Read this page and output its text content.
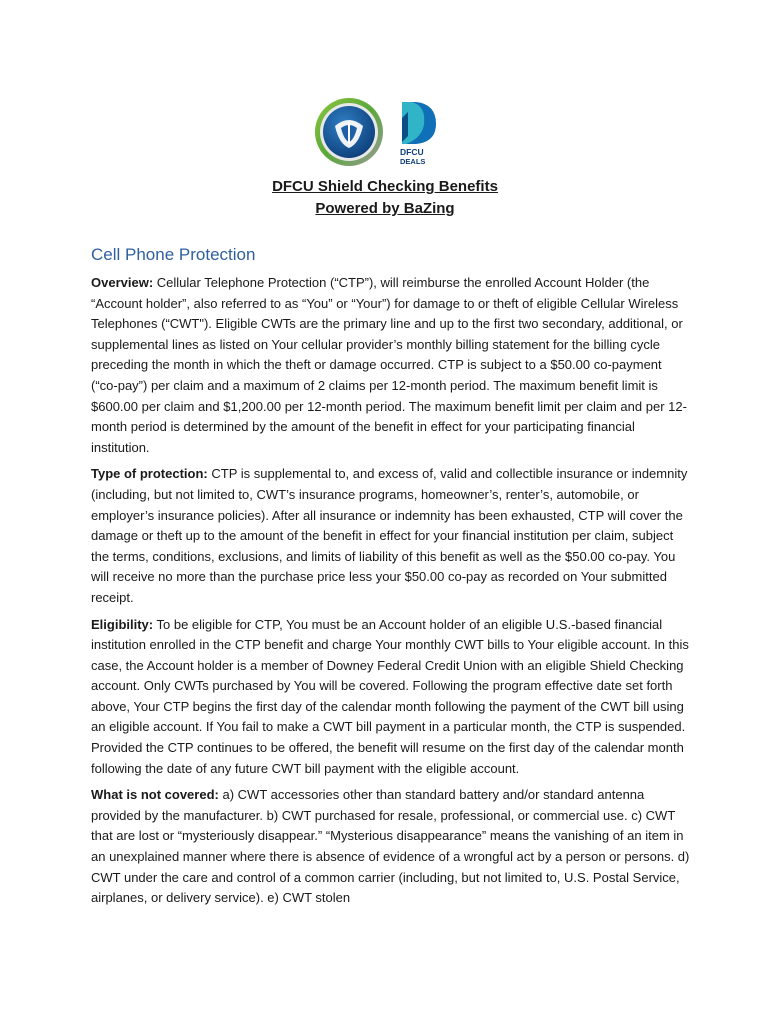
DFCU
DEALS
DFCU Shield Checking Benefits
Powered by BaZing
Cell Phone Protection

Overview: Cellular Telephone Protection (“CTP”), will reimburse the enrolled Account Holder (the “Account holder”, also referred to as “You” or “Your”) for damage to or theft of eligible Cellular Wireless Telephones (“CWT"). Eligible CWTs are the primary line and up to the first two secondary, additional, or supplemental lines as listed on Your cellular provider’s monthly billing statement for the billing cycle preceding the month in which the theft or damage occurred. CTP is subject to a $50.00 co-payment (“co-pay”) per claim and a maximum of 2 claims per 12-month period. The maximum benefit limit is $600.00 per claim and $1,200.00 per 12-month period. The maximum benefit limit per claim and per 12-month period is determined by the amount of the benefit in effect for your participating financial institution.

Type of protection: CTP is supplemental to, and excess of, valid and collectible insurance or indemnity (including, but not limited to, CWT’s insurance programs, homeowner’s, renter’s, automobile, or employer’s insurance policies). After all insurance or indemnity has been exhausted, CTP will cover the damage or theft up to the amount of the benefit in effect for your financial institution per claim, subject the terms, conditions, exclusions, and limits of liability of this benefit as well as the $50.00 co-pay. You will receive no more than the purchase price less your $50.00 co-pay as recorded on Your submitted receipt.

Eligibility: To be eligible for CTP, You must be an Account holder of an eligible U.S.-based financial institution enrolled in the CTP benefit and charge Your monthly CWT bills to Your eligible account. In this case, the Account holder is a member of Downey Federal Credit Union with an eligible Shield Checking account. Only CWTs purchased by You will be covered. Following the program effective date set forth above, Your CTP begins the first day of the calendar month following the payment of the CWT bill using an eligible account. If You fail to make a CWT bill payment in a particular month, the CTP is suspended. Provided the CTP continues to be offered, the benefit will resume on the first day of the calendar month following the date of any future CWT bill payment with the eligible account.

What is not covered: a) CWT accessories other than standard battery and/or standard antenna provided by the manufacturer. b) CWT purchased for resale, professional, or commercial use. c) CWT that are lost or “mysteriously disappear.” “Mysterious disappearance” means the vanishing of an item in an unexplained manner where there is absence of evidence of a wrongful act by a person or persons. d) CWT under the care and control of a common carrier (including, but not limited to, U.S. Postal Service, airplanes, or delivery service). e) CWT stolen
